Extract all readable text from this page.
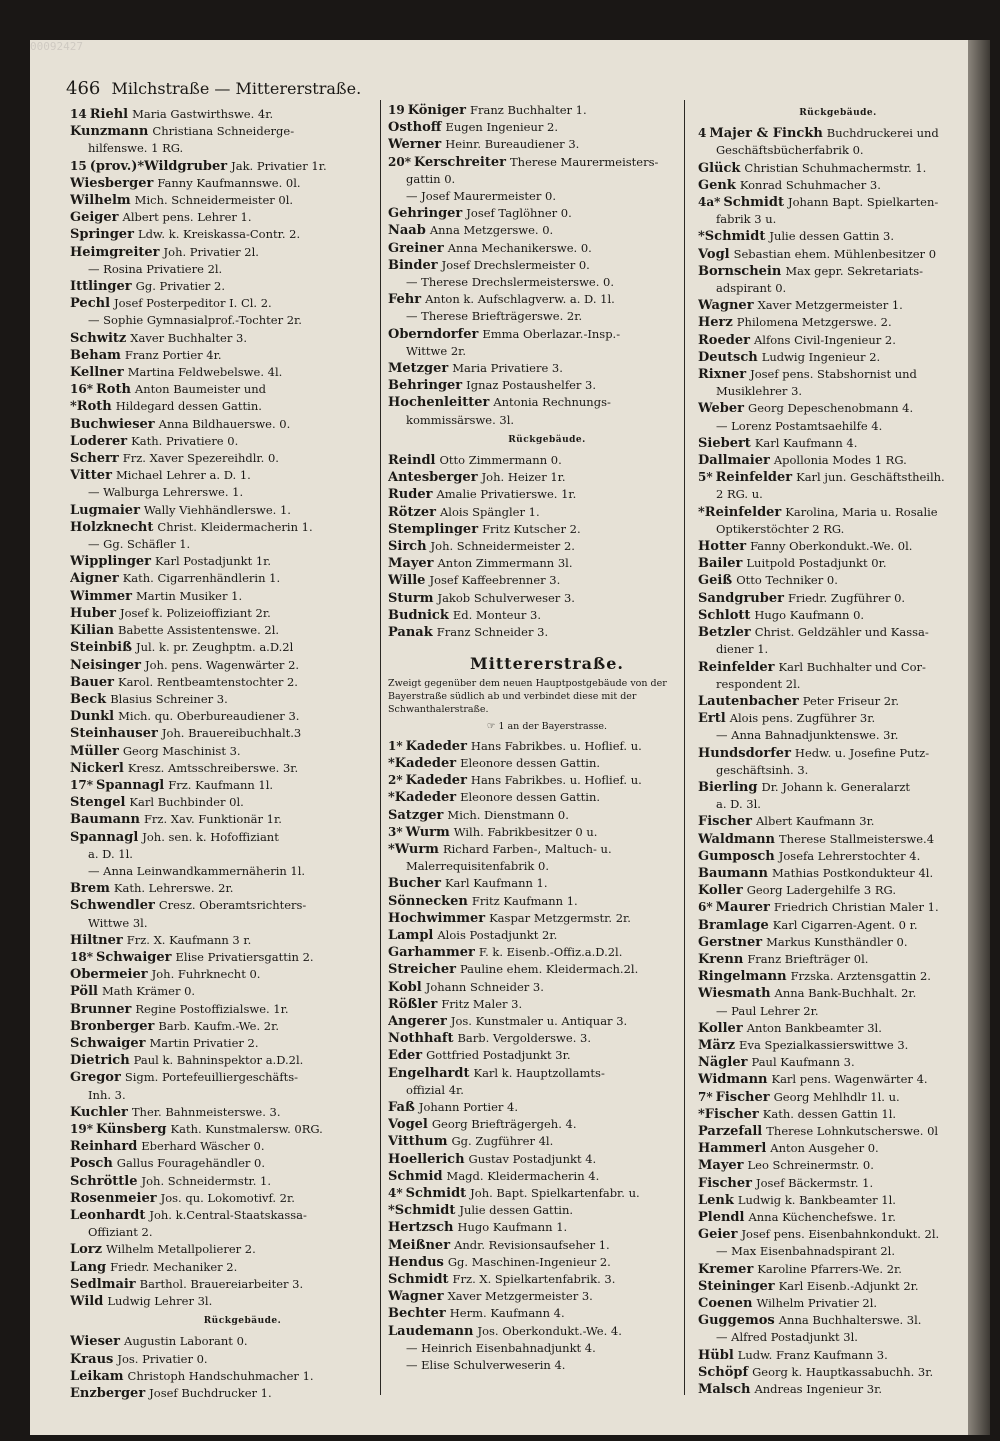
00092427
466 Milchstraße — Mittererstraße.
14 Riehl Maria Gastwirthswe. 4r.
Kunzmann Christiana Schneiderge-
hilfenswe. 1 RG.
15 (prov.)*Wildgruber Jak. Privatier 1r.
Wiesberger Fanny Kaufmannswe. 0l.
Wilhelm Mich. Schneidermeister 0l.
Geiger Albert pens. Lehrer 1.
Springer Ldw. k. Kreiskassa-Contr. 2.
Heimgreiter Joh. Privatier 2l.
— Rosina Privatiere 2l.
Ittlinger Gg. Privatier 2.
Pechl Josef Posterpeditor I. Cl. 2.
— Sophie Gymnasialprof.-Tochter 2r.
Schwitz Xaver Buchhalter 3.
Beham Franz Portier 4r.
Kellner Martina Feldwebelswe. 4l.
16* Roth Anton Baumeister und
*Roth Hildegard dessen Gattin.
Buchwieser Anna Bildhauerswe. 0.
Loderer Kath. Privatiere 0.
Scherr Frz. Xaver Spezereihdlr. 0.
Vitter Michael Lehrer a. D. 1.
— Walburga Lehrerswe. 1.
Lugmaier Wally Viehhändlerswe. 1.
Holzknecht Christ. Kleidermacherin 1.
— Gg. Schäfler 1.
Wipplinger Karl Postadjunkt 1r.
Aigner Kath. Cigarrenhändlerin 1.
Wimmer Martin Musiker 1.
Huber Josef k. Polizeioffiziant 2r.
Kilian Babette Assistentenswe. 2l.
Steinbiß Jul. k. pr. Zeughptm. a.D.2l
Neisinger Joh. pens. Wagenwärter 2.
Bauer Karol. Rentbeamtenstochter 2.
Beck Blasius Schreiner 3.
Dunkl Mich. qu. Oberbureaudiener 3.
Steinhauser Joh. Brauereibuchhalt.3
Müller Georg Maschinist 3.
Nickerl Kresz. Amtsschreiberswe. 3r.
17* Spannagl Frz. Kaufmann 1l.
Stengel Karl Buchbinder 0l.
Baumann Frz. Xav. Funktionär 1r.
Spannagl Joh. sen. k. Hofoffiziant
a. D. 1l.
— Anna Leinwandkammernäherin 1l.
Brem Kath. Lehrerswe. 2r.
Schwendler Cresz. Oberamtsrichters-
Wittwe 3l.
Hiltner Frz. X. Kaufmann 3 r.
18* Schwaiger Elise Privatiersgattin 2.
Obermeier Joh. Fuhrknecht 0.
Pöll Math Krämer 0.
Brunner Regine Postoffizialswe. 1r.
Bronberger Barb. Kaufm.-We. 2r.
Schwaiger Martin Privatier 2.
Dietrich Paul k. Bahninspektor a.D.2l.
Gregor Sigm. Portefeuilliergeschäfts-
Inh. 3.
Kuchler Ther. Bahnmeisterswe. 3.
19* Künsberg Kath. Kunstmalersw. 0RG.
Reinhard Eberhard Wäscher 0.
Posch Gallus Fouragehändler 0.
Schröttle Joh. Schneidermstr. 1.
Rosenmeier Jos. qu. Lokomotivf. 2r.
Leonhardt Joh. k.Central-Staatskassa-
Offiziant 2.
Lorz Wilhelm Metallpolierer 2.
Lang Friedr. Mechaniker 2.
Sedlmair Barthol. Brauereiarbeiter 3.
Wild Ludwig Lehrer 3l.
Rückgebäude.
Wieser Augustin Laborant 0.
Kraus Jos. Privatier 0.
Leikam Christoph Handschuhmacher 1.
Enzberger Josef Buchdrucker 1.
19 Königer Franz Buchhalter 1.
Osthoff Eugen Ingenieur 2.
Werner Heinr. Bureaudiener 3.
20* Kerschreiter Therese Maurermeisters-
gattin 0.
— Josef Maurermeister 0.
Gehringer Josef Taglöhner 0.
Naab Anna Metzgerswe. 0.
Greiner Anna Mechanikerswe. 0.
Binder Josef Drechslermeister 0.
— Therese Drechslermeisterswe. 0.
Fehr Anton k. Aufschlagverw. a. D. 1l.
— Therese Briefträgerswe. 2r.
Oberndorfer Emma Oberlazar.-Insp.-
Wittwe 2r.
Metzger Maria Privatiere 3.
Behringer Ignaz Postaushelfer 3.
Hochenleitter Antonia Rechnungs-
kommissärswe. 3l.
Rückgebäude.
Reindl Otto Zimmermann 0.
Antesberger Joh. Heizer 1r.
Ruder Amalie Privatierswe. 1r.
Rötzer Alois Spängler 1.
Stemplinger Fritz Kutscher 2.
Sirch Joh. Schneidermeister 2.
Mayer Anton Zimmermann 3l.
Wille Josef Kaffeebrenner 3.
Sturm Jakob Schulverweser 3.
Budnick Ed. Monteur 3.
Panak Franz Schneider 3.
Mittererstraße.
Zweigt gegenüber dem neuen Hauptpostgebäude von der Bayerstraße südlich ab und verbindet diese mit der Schwanthalerstraße.
☞ 1 an der Bayerstrasse.
1* Kadeder Hans Fabrikbes. u. Hoflief. u.
*Kadeder Eleonore dessen Gattin.
2* Kadeder Hans Fabrikbes. u. Hoflief. u.
*Kadeder Eleonore dessen Gattin.
Satzger Mich. Dienstmann 0.
3* Wurm Wilh. Fabrikbesitzer 0 u.
*Wurm Richard Farben-, Maltuch- u.
Malerrequisitenfabrik 0.
Bucher Karl Kaufmann 1.
Sönnecken Fritz Kaufmann 1.
Hochwimmer Kaspar Metzgermstr. 2r.
Lampl Alois Postadjunkt 2r.
Garhammer F. k. Eisenb.-Offiz.a.D.2l.
Streicher Pauline ehem. Kleidermach.2l.
Kobl Johann Schneider 3.
Rößler Fritz Maler 3.
Angerer Jos. Kunstmaler u. Antiquar 3.
Nothhaft Barb. Vergolderswe. 3.
Eder Gottfried Postadjunkt 3r.
Engelhardt Karl k. Hauptzollamts-
offizial 4r.
Faß Johann Portier 4.
Vogel Georg Briefträgergeh. 4.
Vitthum Gg. Zugführer 4l.
Hoellerich Gustav Postadjunkt 4.
Schmid Magd. Kleidermacherin 4.
4* Schmidt Joh. Bapt. Spielkartenfabr. u.
*Schmidt Julie dessen Gattin.
Hertzsch Hugo Kaufmann 1.
Meißner Andr. Revisionsaufseher 1.
Hendus Gg. Maschinen-Ingenieur 2.
Schmidt Frz. X. Spielkartenfabrik. 3.
Wagner Xaver Metzgermeister 3.
Bechter Herm. Kaufmann 4.
Laudemann Jos. Oberkondukt.-We. 4.
— Heinrich Eisenbahnadjunkt 4.
— Elise Schulverweserin 4.
Rückgebäude.
4 Majer & Finckh Buchdruckerei und
Geschäftsbücherfabrik 0.
Glück Christian Schuhmachermstr. 1.
Genk Konrad Schuhmacher 3.
4a* Schmidt Johann Bapt. Spielkarten-
fabrik 3 u.
*Schmidt Julie dessen Gattin 3.
Vogl Sebastian ehem. Mühlenbesitzer 0
Bornschein Max gepr. Sekretariats-
adspirant 0.
Wagner Xaver Metzgermeister 1.
Herz Philomena Metzgerswe. 2.
Roeder Alfons Civil-Ingenieur 2.
Deutsch Ludwig Ingenieur 2.
Rixner Josef pens. Stabshornist und
Musiklehrer 3.
Weber Georg Depeschenobmann 4.
— Lorenz Postamtsaehilfe 4.
Siebert Karl Kaufmann 4.
Dallmaier Apollonia Modes 1 RG.
5* Reinfelder Karl jun. Geschäftstheilh.
2 RG. u.
*Reinfelder Karolina, Maria u. Rosalie
Optikerstöchter 2 RG.
Hotter Fanny Oberkondukt.-We. 0l.
Bailer Luitpold Postadjunkt 0r.
Geiß Otto Techniker 0.
Sandgruber Friedr. Zugführer 0.
Schlott Hugo Kaufmann 0.
Betzler Christ. Geldzähler und Kassa-
diener 1.
Reinfelder Karl Buchhalter und Cor-
respondent 2l.
Lautenbacher Peter Friseur 2r.
Ertl Alois pens. Zugführer 3r.
— Anna Bahnadjunktenswe. 3r.
Hundsdorfer Hedw. u. Josefine Putz-
geschäftsinh. 3.
Bierling Dr. Johann k. Generalarzt
a. D. 3l.
Fischer Albert Kaufmann 3r.
Waldmann Therese Stallmeisterswe.4
Gumposch Josefa Lehrerstochter 4.
Baumann Mathias Postkondukteur 4l.
Koller Georg Ladergehilfe 3 RG.
6* Maurer Friedrich Christian Maler 1.
Bramlage Karl Cigarren-Agent. 0 r.
Gerstner Markus Kunsthändler 0.
Krenn Franz Briefträger 0l.
Ringelmann Frzska. Arztensgattin 2.
Wiesmath Anna Bank-Buchhalt. 2r.
— Paul Lehrer 2r.
Koller Anton Bankbeamter 3l.
März Eva Spezialkassierswittwe 3.
Nägler Paul Kaufmann 3.
Widmann Karl pens. Wagenwärter 4.
7* Fischer Georg Mehlhdlr 1l. u.
*Fischer Kath. dessen Gattin 1l.
Parzefall Therese Lohnkutscherswe. 0l
Hammerl Anton Ausgeher 0.
Mayer Leo Schreinermstr. 0.
Fischer Josef Bäckermstr. 1.
Lenk Ludwig k. Bankbeamter 1l.
Plendl Anna Küchenchefswe. 1r.
Geier Josef pens. Eisenbahnkondukt. 2l.
— Max Eisenbahnadspirant 2l.
Kremer Karoline Pfarrers-We. 2r.
Steininger Karl Eisenb.-Adjunkt 2r.
Coenen Wilhelm Privatier 2l.
Guggemos Anna Buchhalterswe. 3l.
— Alfred Postadjunkt 3l.
Hübl Ludw. Franz Kaufmann 3.
Schöpf Georg k. Hauptkassabuchh. 3r.
Malsch Andreas Ingenieur 3r.
